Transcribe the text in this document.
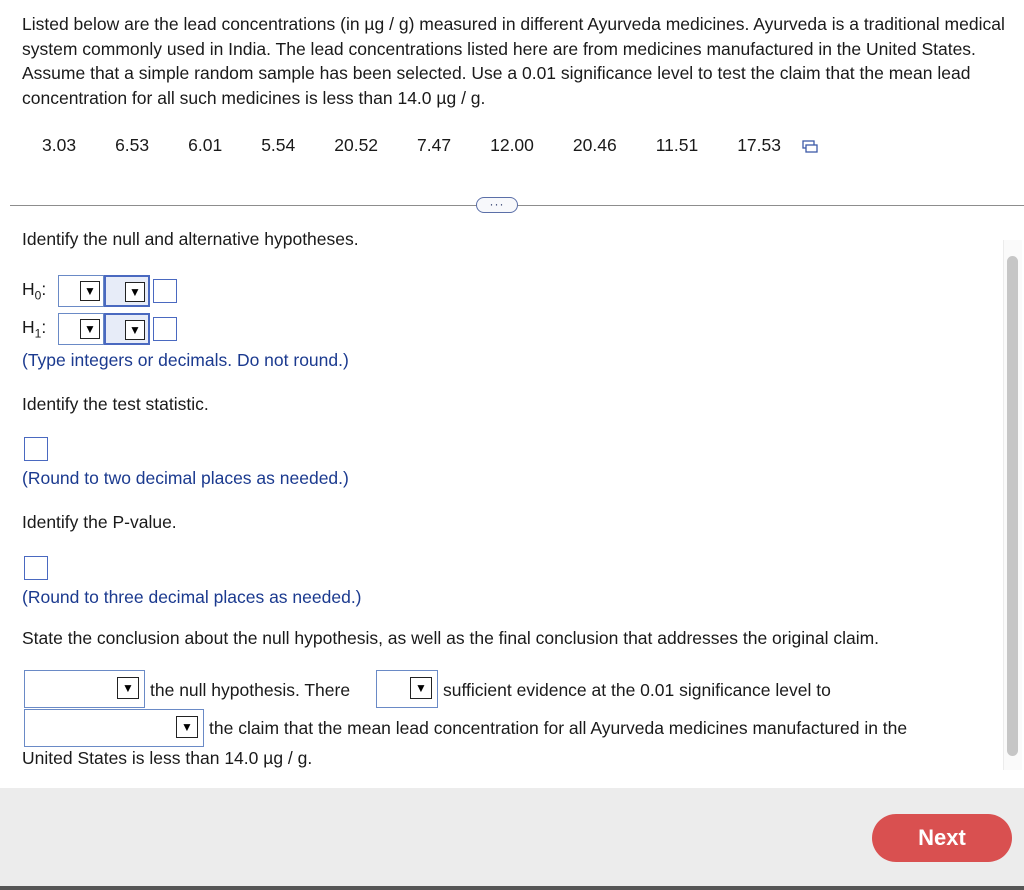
Listed below are the lead concentrations (in µg / g) measured in different Ayurveda medicines. Ayurveda is a traditional medical system commonly used in India. The lead concentrations listed here are from medicines manufactured in the United States. Assume that a simple random sample has been selected. Use a 0.01 significance level to test the claim that the mean lead concentration for all such medicines is less than 14.0 µg / g.

3.03 6.53 6.01 5.54 20.52 7.47 12.00 20.46 11.51 17.53
···
Identify the null and alternative hypotheses.
$H_0$:	▼	▼
$H_1$:	▼	▼
(Type integers or decimals. Do not round.)
Identify the test statistic.
(Round to two decimal places as needed.)
Identify the P-value.
(Round to three decimal places as needed.)
State the conclusion about the null hypothesis, as well as the final conclusion that addresses the original claim.
▼ the null hypothesis. There	▼ sufficient evidence at the 0.01 significance level to
▼ the claim that the mean lead concentration for all Ayurveda medicines manufactured in the
United States is less than 14.0 µg / g.
Next
